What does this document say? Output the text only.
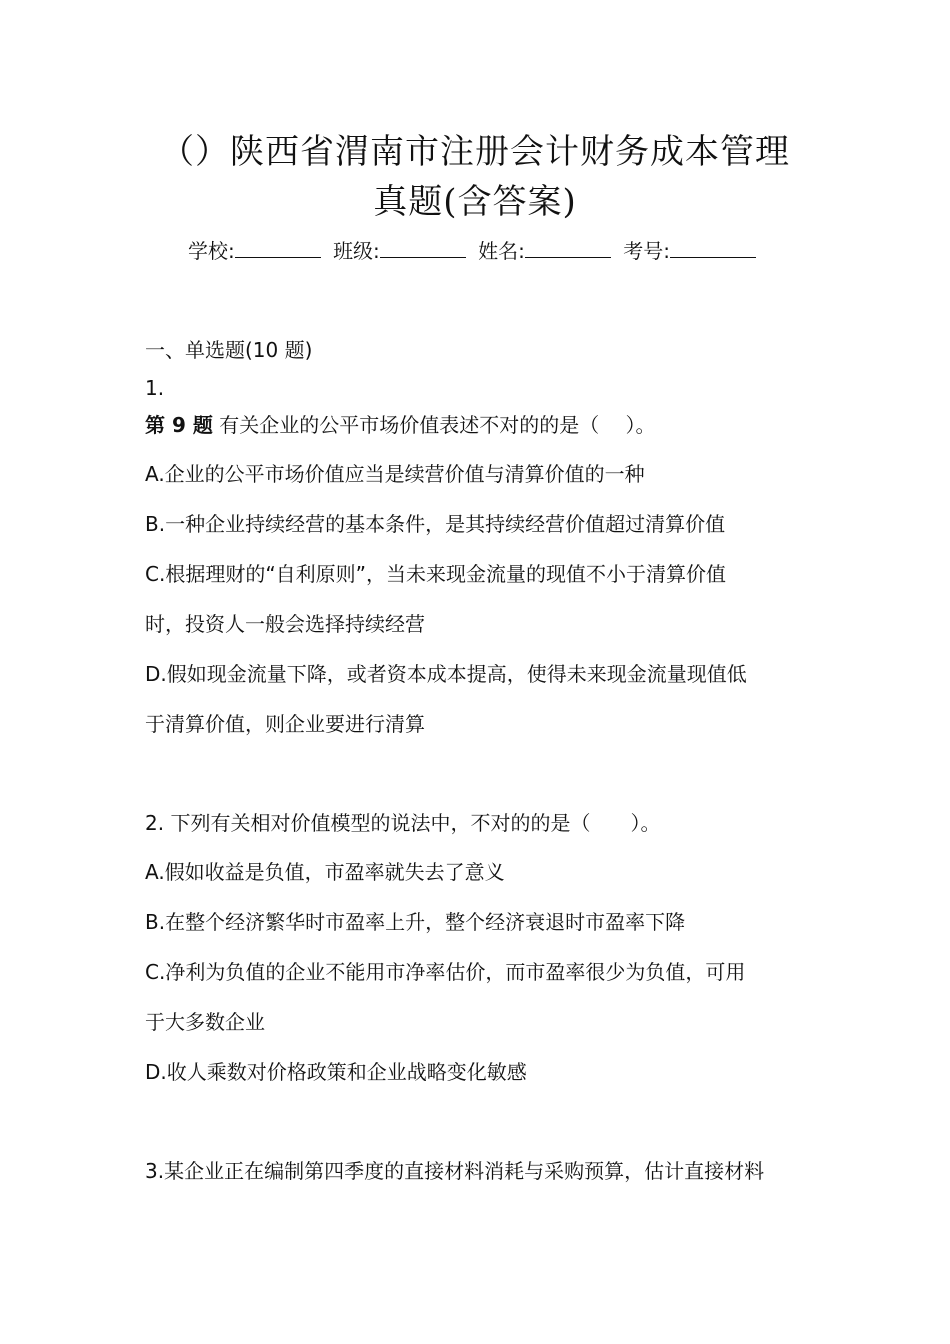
（）陕西省渭南市注册会计财务成本管理
真题(含答案)
学校:	班级:	姓名:	考号:
一、单选题(10 题)
1.
第 9 题 有关企业的公平市场价值表述不对的的是（　 ）。
A.企业的公平市场价值应当是续营价值与清算价值的一种
B.一种企业持续经营的基本条件，是其持续经营价值超过清算价值
C.根据理财的“自利原则”，当未来现金流量的现值不小于清算价值
时，投资人一般会选择持续经营
D.假如现金流量下降，或者资本成本提高，使得未来现金流量现值低
于清算价值，则企业要进行清算
2. 下列有关相对价值模型的说法中，不对的的是（　　）。
A.假如收益是负值，市盈率就失去了意义
B.在整个经济繁华时市盈率上升，整个经济衰退时市盈率下降
C.净利为负值的企业不能用市净率估价，而市盈率很少为负值，可用
于大多数企业
D.收人乘数对价格政策和企业战略变化敏感
3.某企业正在编制第四季度的直接材料消耗与采购预算，估计直接材料
